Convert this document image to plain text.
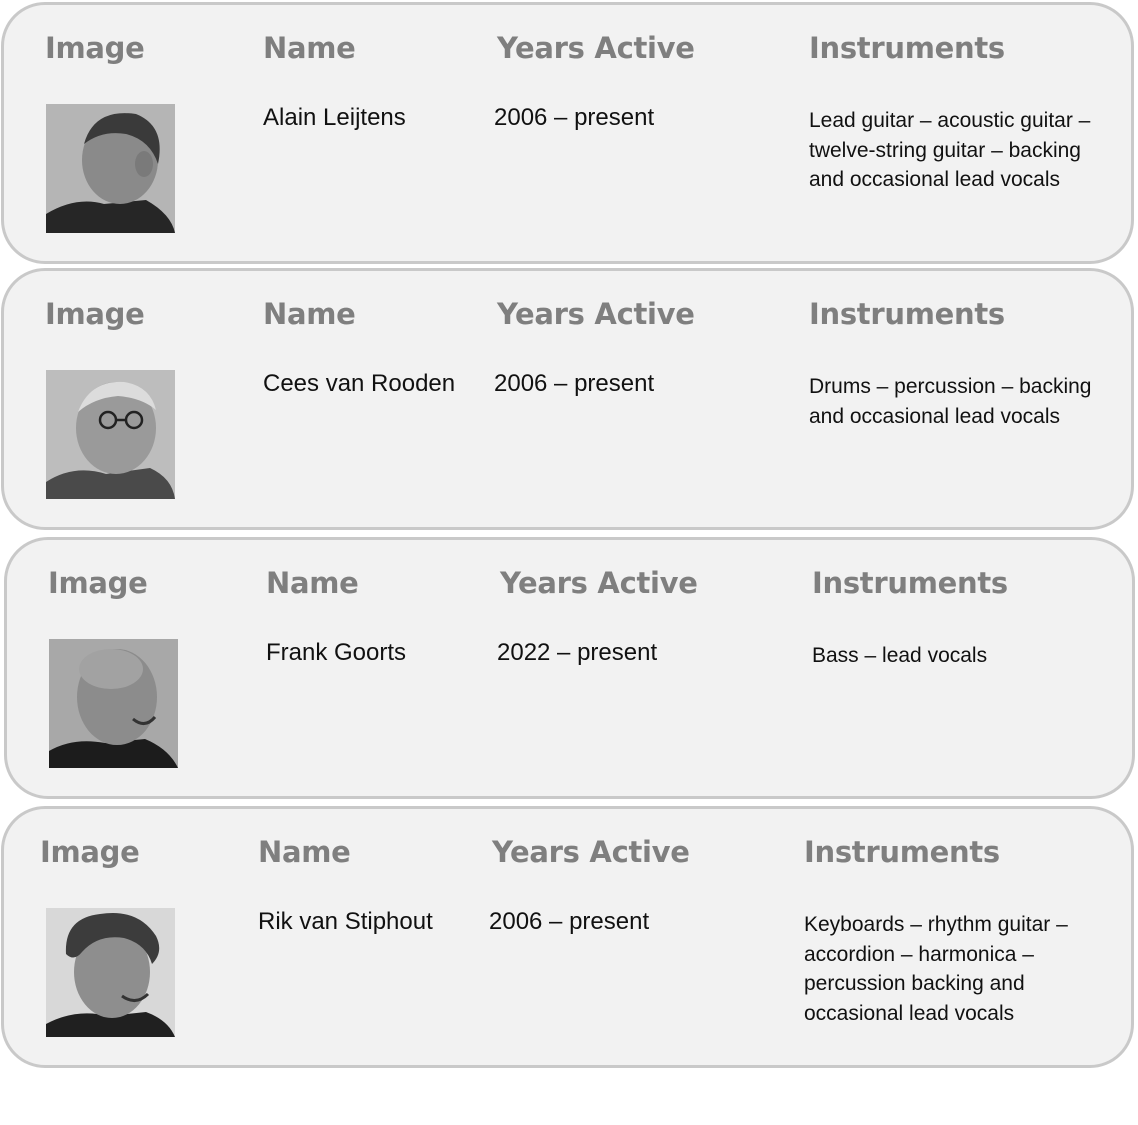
Image	Name	Years Active	Instruments
Alain Leijtens	2006 – present	Lead guitar – acoustic guitar – twelve-string guitar – backing and occasional lead vocals
Image	Name	Years Active	Instruments
Cees van Rooden 2006 – present	Drums – percussion – backing and occasional lead vocals
Image	Name	Years Active	Instruments
Frank Goorts	2022 – present	Bass – lead vocals
Image	Name	Years Active	Instruments
Rik van Stiphout 2006 – present	Keyboards – rhythm guitar – accordion – harmonica – percussion backing and occasional lead vocals
